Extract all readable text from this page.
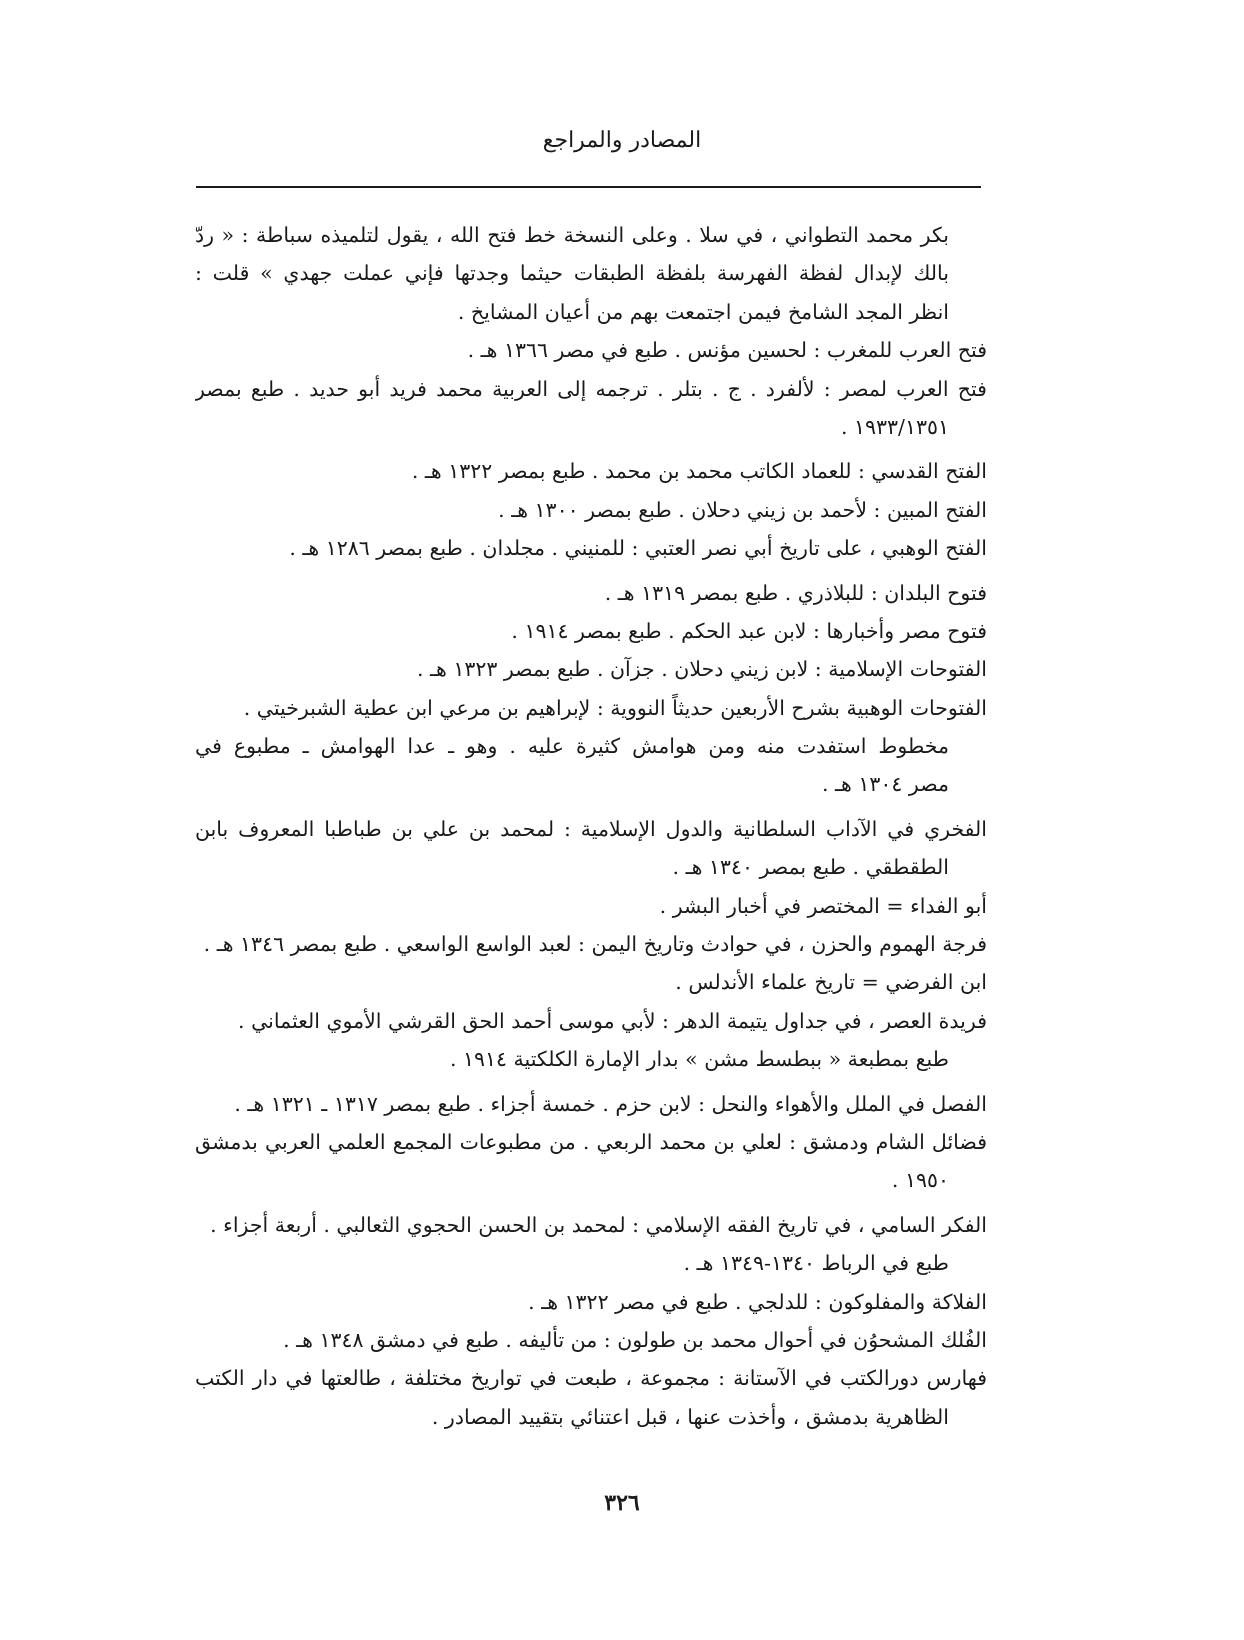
المصادر والمراجع
بكر محمد التطواني ، في سلا . وعلى النسخة خط فتح الله ، يقول لتلميذه سباطة : « ردّ
بالك لإبدال لفظة الفهرسة بلفظة الطبقات حيثما وجدتها فإني عملت جهدي » قلت :
انظر المجد الشامخ فيمن اجتمعت بهم من أعيان المشايخ .
فتح العرب للمغرب : لحسين مؤنس . طبع في مصر ١٣٦٦ هـ .
فتح العرب لمصر : لألفرد . ج . بتلر . ترجمه إلى العربية محمد فريد أبو حديد . طبع بمصر
١٩٣٣/١٣٥١ .
الفتح القدسي : للعماد الكاتب محمد بن محمد . طبع بمصر ١٣٢٢ هـ .
الفتح المبين : لأحمد بن زيني دحلان . طبع بمصر ١٣٠٠ هـ .
الفتح الوهبي ، على تاريخ أبي نصر العتبي : للمنيني . مجلدان . طبع بمصر ١٢٨٦ هـ .
فتوح البلدان : للبلاذري . طبع بمصر ١٣١٩ هـ .
فتوح مصر وأخبارها : لابن عبد الحكم . طبع بمصر ١٩١٤ .
الفتوحات الإسلامية : لابن زيني دحلان . جزآن . طبع بمصر ١٣٢٣ هـ .
الفتوحات الوهبية بشرح الأربعين حديثاً النووية : لإبراهيم بن مرعي ابن عطية الشبرخيتي .
مخطوط استفدت منه ومن هوامش كثيرة عليه . وهو ـ عدا الهوامش ـ مطبوع في
مصر ١٣٠٤ هـ .
الفخري في الآداب السلطانية والدول الإسلامية : لمحمد بن علي بن طباطبا المعروف بابن
الطقطقي . طبع بمصر ١٣٤٠ هـ .
أبو الفداء = المختصر في أخبار البشر .
فرجة الهموم والحزن ، في حوادث وتاريخ اليمن : لعبد الواسع الواسعي . طبع بمصر ١٣٤٦ هـ .
ابن الفرضي = تاريخ علماء الأندلس .
فريدة العصر ، في جداول يتيمة الدهر : لأبي موسى أحمد الحق القرشي الأموي العثماني .
طبع بمطبعة « ببطسط مشن » بدار الإمارة الكلكتية ١٩١٤ .
الفصل في الملل والأهواء والنحل : لابن حزم . خمسة أجزاء . طبع بمصر ١٣١٧ ـ ١٣٢١ هـ .
فضائل الشام ودمشق : لعلي بن محمد الربعي . من مطبوعات المجمع العلمي العربي بدمشق
١٩٥٠ .
الفكر السامي ، في تاريخ الفقه الإسلامي : لمحمد بن الحسن الحجوي الثعالبي . أربعة أجزاء .
طبع في الرباط ١٣٤٠-١٣٤٩ هـ .
الفلاكة والمفلوكون : للدلجي . طبع في مصر ١٣٢٢ هـ .
الفُلك المشحوُن في أحوال محمد بن طولون : من تأليفه . طبع في دمشق ١٣٤٨ هـ .
فهارس دورالكتب في الآستانة : مجموعة ، طبعت في تواريخ مختلفة ، طالعتها في دار الكتب
الظاهرية بدمشق ، وأخذت عنها ، قبل اعتنائي بتقييد المصادر .
٣٢٦
